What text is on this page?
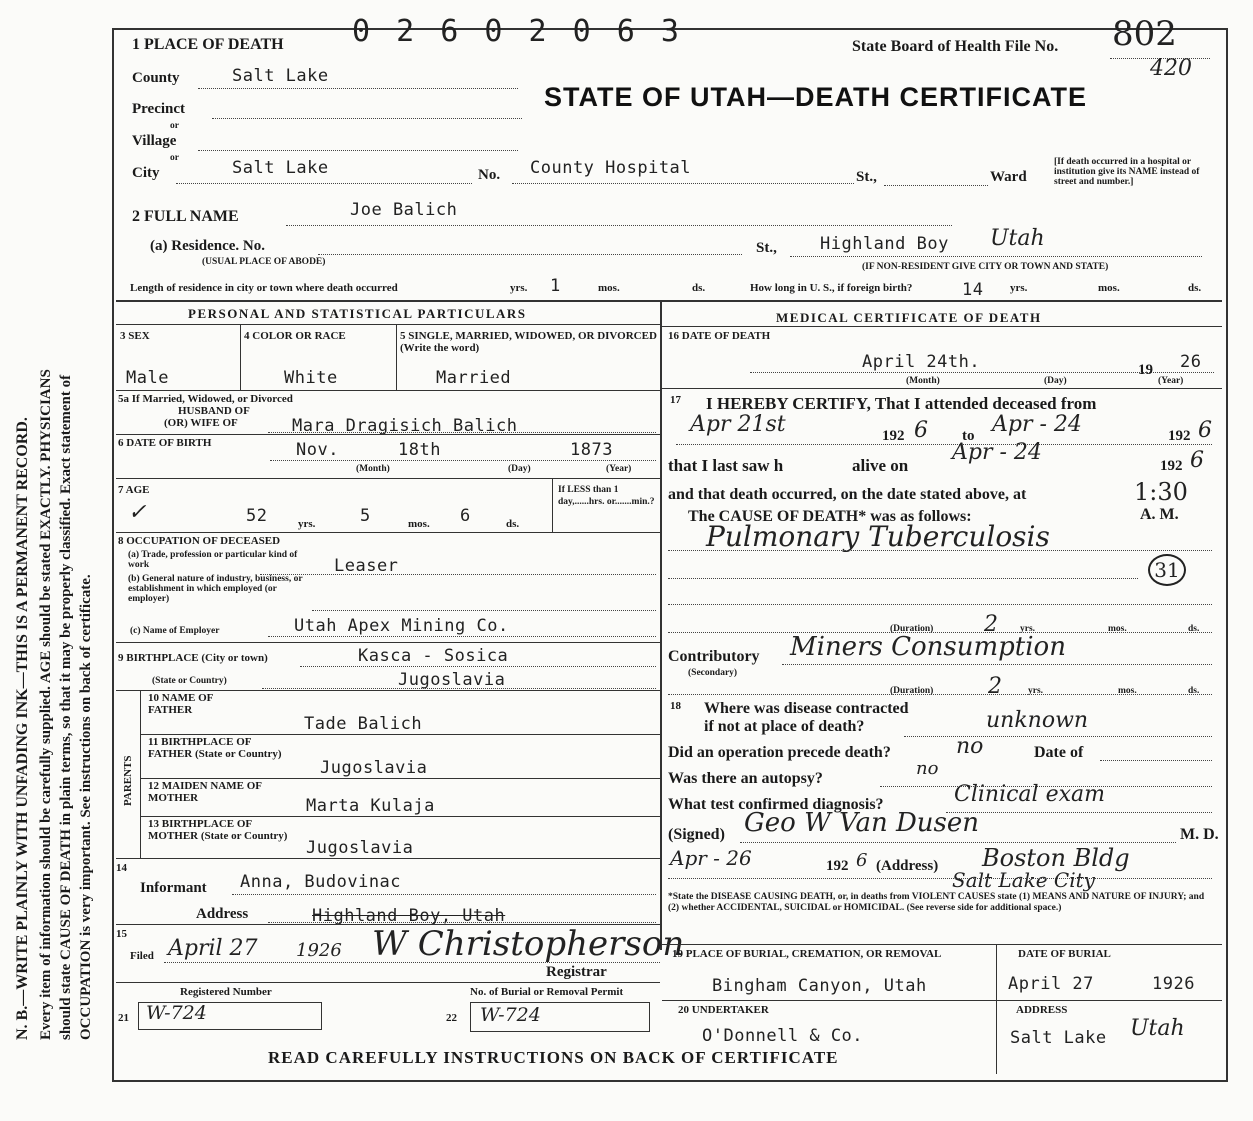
N. B.—WRITE PLAINLY WITH UNFADING INK—THIS IS A PERMANENT RECORD. Every item of information should be carefully supplied. AGE should be stated EXACTLY. PHYSICIANS should state CAUSE OF DEATH in plain terms, so that it may be properly classified. Exact statement of OCCUPATION is very important. See instructions on back of certificate.
1 PLACE OF DEATH 0 2 6 0 2 0 6 3	State Board of Health File No. 802
420
STATE OF UTAH—DEATH CERTIFICATE
County	Salt Lake
Precinct
or
Village
or
City	Salt Lake	No. County Hospital	St.,	Ward
[If death occurred in a hospital or institution give its NAME instead of street and number.]
2 FULL NAME	Joe Balich
(a) Residence. No.
(USUAL PLACE OF ABODE)
St.,	Highland Boy Utah
(IF NON-RESIDENT GIVE CITY OR TOWN AND STATE)
Length of residence in city or town where death occurred	yrs. 1	mos.	ds.	How long in U. S., if foreign birth?	14 yrs.	mos.	ds.
PERSONAL AND STATISTICAL PARTICULARS	MEDICAL CERTIFICATE OF DEATH
3 SEX	4 COLOR OR RACE	5 SINGLE, MARRIED, WIDOWED, OR DIVORCED (Write the word)
Male	White	Married
5a If Married, Widowed, or Divorced
HUSBAND OF
(OR) WIFE OF	Mara Dragisich Balich
6 DATE OF BIRTH	Nov.	18th	1873
(Month)	(Day)	(Year)
7 AGE
✓	52	yrs.	5	mos. 6	ds.
If LESS than 1 day,......hrs. or.......min.?
8 OCCUPATION OF DECEASED
(a) Trade, profession or particular kind of work	Leaser
(b) General nature of industry, business, or establishment in which employed (or employer)
(c) Name of Employer	Utah Apex Mining Co.
9 BIRTHPLACE (City or town)	Kasca - Sosica
(State or Country)	Jugoslavia
PARENTS
10 NAME OF FATHER
Tade Balich
11 BIRTHPLACE OF FATHER (State or Country)
Jugoslavia
12 MAIDEN NAME OF MOTHER	Marta Kulaja
13 BIRTHPLACE OF MOTHER (State or Country)
Jugoslavia
14
Informant Anna, Budovinac
Address	Highland Boy, Utah
15
Filed April 27 1926 W Christopherson
Registrar
Registered Number
21 W-724
No. of Burial or Removal Permit
22 W-724
16 DATE OF DEATH
April 24th.	19 26
(Month)	(Day)	(Year)
17 I HEREBY CERTIFY, That I attended deceased from
Apr 21st	192 6 to Apr - 24	192 6
that I last saw h	alive on
Apr - 24
192 6
and that death occurred, on the date stated above, at	1:30
The CAUSE OF DEATH* was as follows:	A. M.
Pulmonary Tuberculosis
31
(Duration) 2 yrs.	mos.	ds.
Contributory
(Secondary)
Miners Consumption
(Duration) 2	yrs.	mos.	ds.
18 Where was disease contracted
if not at place of death?	unknown
Did an operation precede death?	no	Date of
Was there an autopsy?	no
What test confirmed diagnosis?	Clinical exam
(Signed) Geo W Van Dusen	M. D.
Apr - 26	192 6 (Address) Boston Bldg
Salt Lake City
*State the DISEASE CAUSING DEATH, or, in deaths from VIOLENT CAUSES state (1) MEANS AND NATURE OF INJURY; and (2) whether ACCIDENTAL, SUICIDAL or HOMICIDAL. (See reverse side for additional space.)
19 PLACE OF BURIAL, CREMATION, OR REMOVAL	DATE OF BURIAL
Bingham Canyon, Utah	April 27	1926
20 UNDERTAKER	ADDRESS
O'Donnell & Co.	Salt Lake Utah
READ CAREFULLY INSTRUCTIONS ON BACK OF CERTIFICATE
